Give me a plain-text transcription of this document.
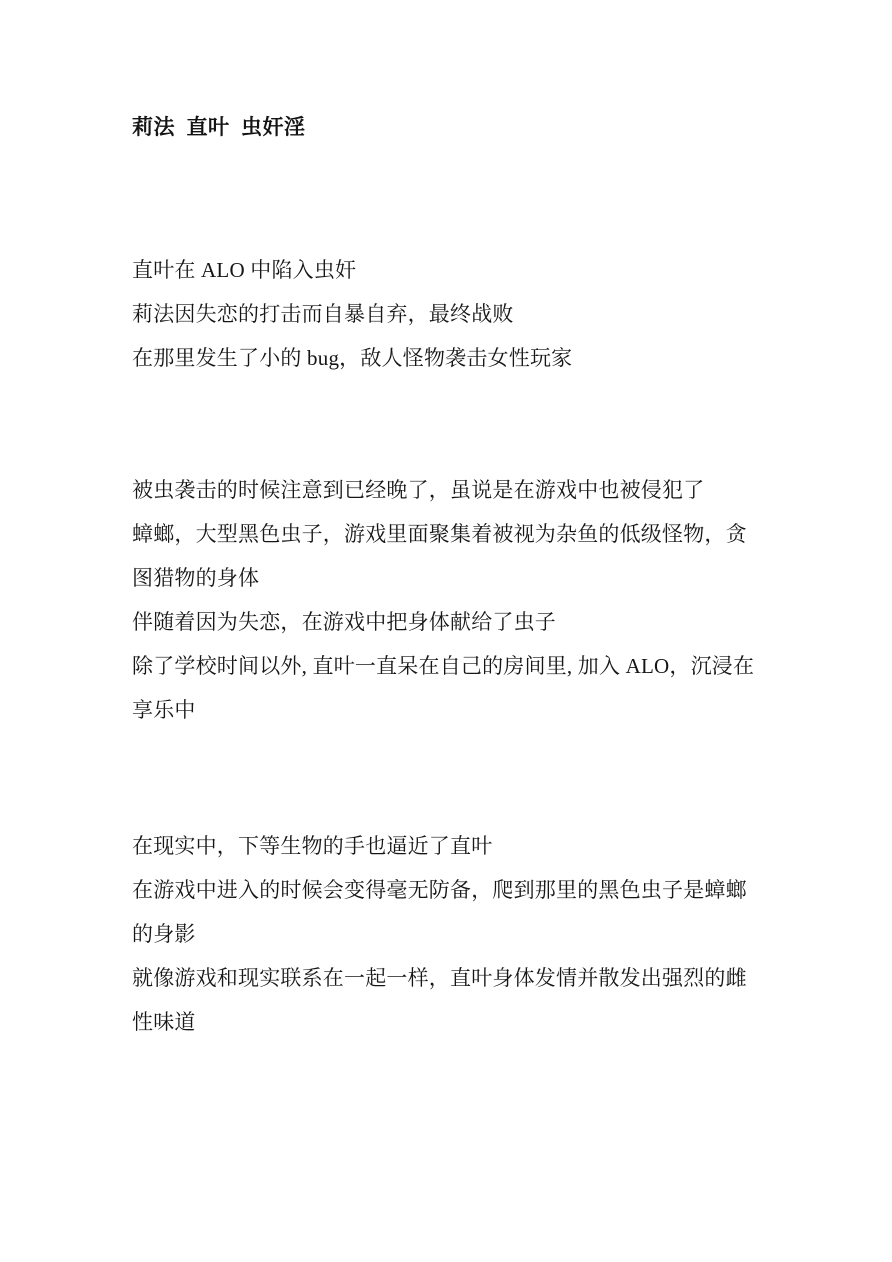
莉法  直叶  虫奸淫

直叶在 ALO 中陷入虫奸

莉法因失恋的打击而自暴自弃，最终战败

在那里发生了小的 bug，敌人怪物袭击女性玩家

被虫袭击的时候注意到已经晚了，虽说是在游戏中也被侵犯了

蟑螂，大型黑色虫子，游戏里面聚集着被视为杂鱼的低级怪物，贪图猎物的身体

伴随着因为失恋，在游戏中把身体献给了虫子

除了学校时间以外, 直叶一直呆在自己的房间里, 加入 ALO，沉浸在享乐中

在现实中，下等生物的手也逼近了直叶

在游戏中进入的时候会变得毫无防备，爬到那里的黑色虫子是蟑螂的身影

就像游戏和现实联系在一起一样，直叶身体发情并散发出强烈的雌性味道
